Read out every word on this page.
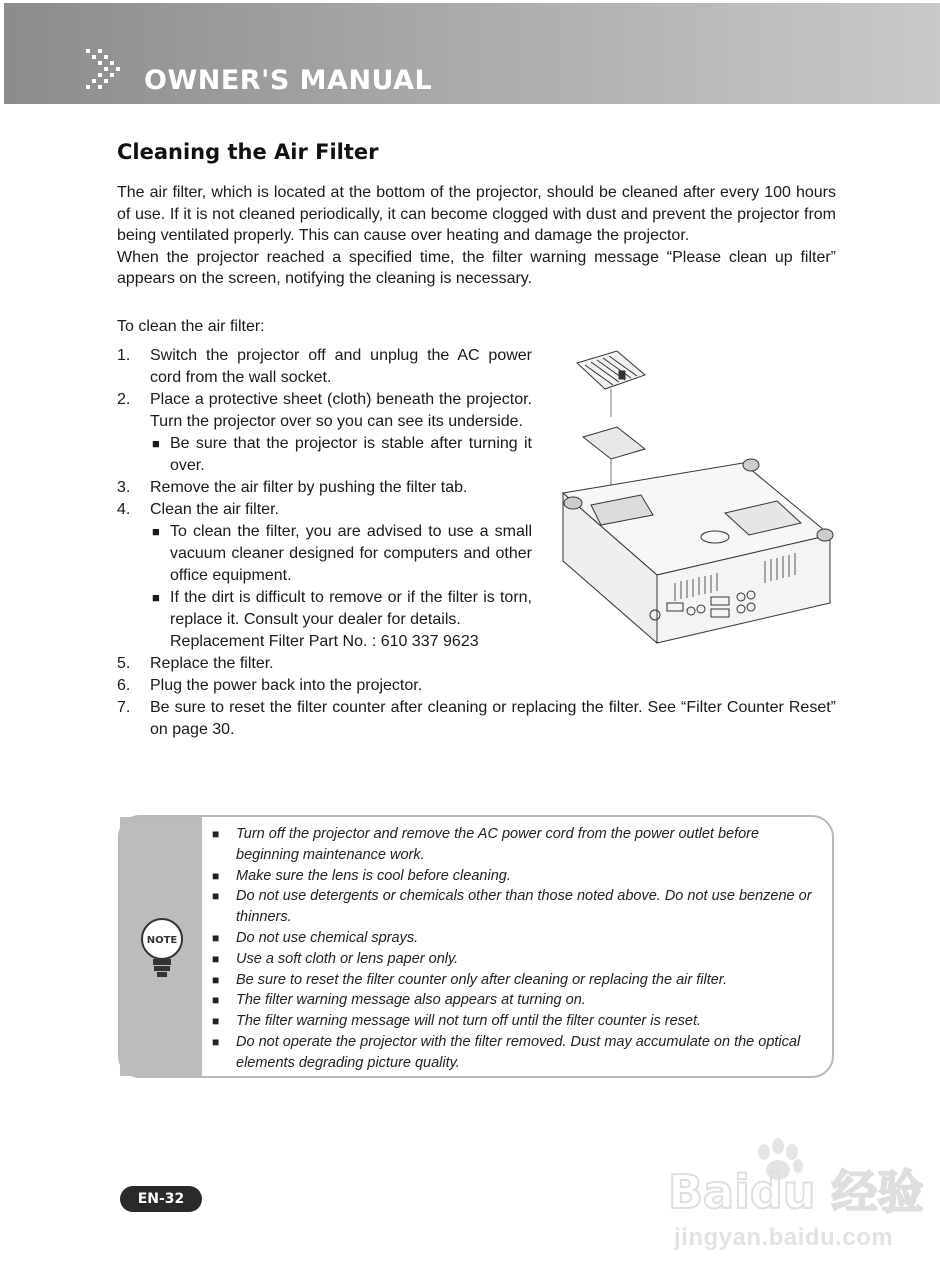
OWNER'S MANUAL
Cleaning the Air Filter

The air filter, which is located at the bottom of the projector, should be cleaned after every 100 hours of use. If it is not cleaned periodically, it can become clogged with dust and prevent the projector from being ventilated properly. This can cause over heating and damage the projector.

When the projector reached a specified time, the filter warning message “Please clean up filter” appears on the screen, notifying the cleaning is necessary.

To clean the air filter:
1. Switch the projector off and unplug the AC power cord from the wall socket.
2. Place a protective sheet (cloth) beneath the projector. Turn the projector over so you can see its underside.
■ Be sure that the projector is stable after turning it over.
3. Remove the air filter by pushing the filter tab.
4. Clean the air filter.
■ To clean the filter, you are advised to use a small vacuum cleaner designed for computers and other office equipment.
■ If the dirt is difficult to remove or if the filter is torn, replace it. Consult your dealer for details.
Replacement Filter Part No. : 610 337 9623
5. Replace the filter.
6. Plug the power back into the projector.
7. Be sure to reset the filter counter after cleaning or replacing the filter. See “Filter Counter Reset” on page 30.
NOTE
■ Turn off the projector and remove the AC power cord from the power outlet before beginning maintenance work.
■ Make sure the lens is cool before cleaning.
■ Do not use detergents or chemicals other than those noted above. Do not use benzene or thinners.
■ Do not use chemical sprays.
■ Use a soft cloth or lens paper only.
■ Be sure to reset the filter counter only after cleaning or replacing the air filter.
■ The filter warning message also appears at turning on.
■ The filter warning message will not turn off until the filter counter is reset.
■ Do not operate the projector with the filter removed. Dust may accumulate on the optical elements degrading picture quality.
EN-32	Baidu 经验
jingyan.baidu.com
